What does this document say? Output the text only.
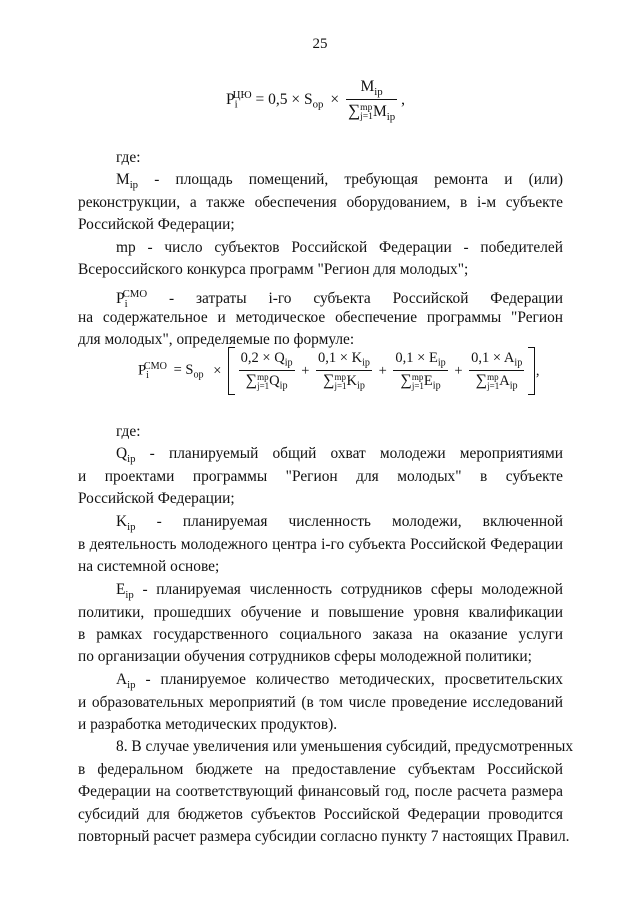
25
$P_i^{ЦЮ} = 0,5 \times S_{op}$ ×
$M_{ip}$
∑mp
$j=1M_{ip}$
,
где:
$M_{ip}$ - площадь помещений, требующая ремонта и (или)
реконструкции, а также обеспечения оборудованием, в i-м субъекте
Российской Федерации;
mp - число субъектов Российской Федерации - победителей
Всероссийского конкурса программ "Регион для молодых";
$P_i^{СМО}$ - затраты i-го субъекта Российской Федерации
на содержательное и методическое обеспечение программы "Регион
для молодых", определяемые по формуле:
$P_i^{СМО} = S_{op}$ ×
$0,2 \times Q_{ip}$
∑mp
$j=1Q_{ip}$
+
$0,1 \times K_{ip}$
∑mp
$j=1K_{ip}$
+
$0,1 \times E_{ip}$
∑mp
$j=1E_{ip}$
+
$0,1 \times A_{ip}$
∑mp
$j=1A_{ip}$
,
где:
$Q_{ip}$ - планируемый общий охват молодежи мероприятиями
и проектами программы "Регион для молодых" в субъекте
Российской Федерации;
$K_{ip}$ - планируемая численность молодежи, включенной
в деятельность молодежного центра i-го субъекта Российской Федерации
на системной основе;
$E_{ip}$ - планируемая численность сотрудников сферы молодежной
политики, прошедших обучение и повышение уровня квалификации
в рамках государственного социального заказа на оказание услуги
по организации обучения сотрудников сферы молодежной политики;
$A_{ip}$ - планируемое количество методических, просветительских
и образовательных мероприятий (в том числе проведение исследований
и разработка методических продуктов).
8. В случае увеличения или уменьшения субсидий, предусмотренных
в федеральном бюджете на предоставление субъектам Российской
Федерации на соответствующий финансовый год, после расчета размера
субсидий для бюджетов субъектов Российской Федерации проводится
повторный расчет размера субсидии согласно пункту 7 настоящих Правил.
